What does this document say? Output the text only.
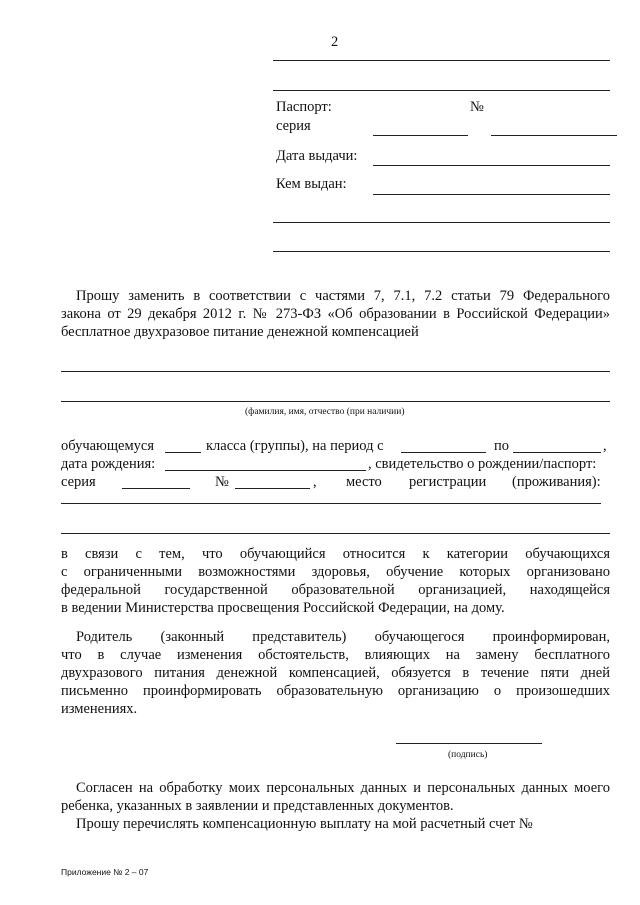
2
Паспорт:	№
серия
Дата выдачи:
Кем выдан:
Прошу заменить в соответствии с частями 7, 7.1, 7.2 статьи 79 Федерального
закона от 29 декабря 2012 г. № 273-ФЗ «Об образовании в Российской Федерации»
бесплатное двухразовое питание денежной компенсацией
(фамилия, имя, отчество (при наличии)
обучающемуся	класса (группы), на период с	по	,
дата рождения:	, свидетельство о рождении/паспорт:
серия	№	, место регистрации (проживания):
в связи с тем, что обучающийся относится к категории обучающихся
с ограниченными возможностями здоровья, обучение которых организовано
федеральной государственной образовательной организацией, находящейся
в ведении Министерства просвещения Российской Федерации, на дому.
Родитель (законный представитель) обучающегося проинформирован,
что в случае изменения обстоятельств, влияющих на замену бесплатного
двухразового питания денежной компенсацией, обязуется в течение пяти дней
письменно проинформировать образовательную организацию о произошедших
изменениях.
(подпись)
Согласен на обработку моих персональных данных и персональных данных моего
ребенка, указанных в заявлении и представленных документов.
Прошу перечислять компенсационную выплату на мой расчетный счет №
Приложение № 2 – 07
